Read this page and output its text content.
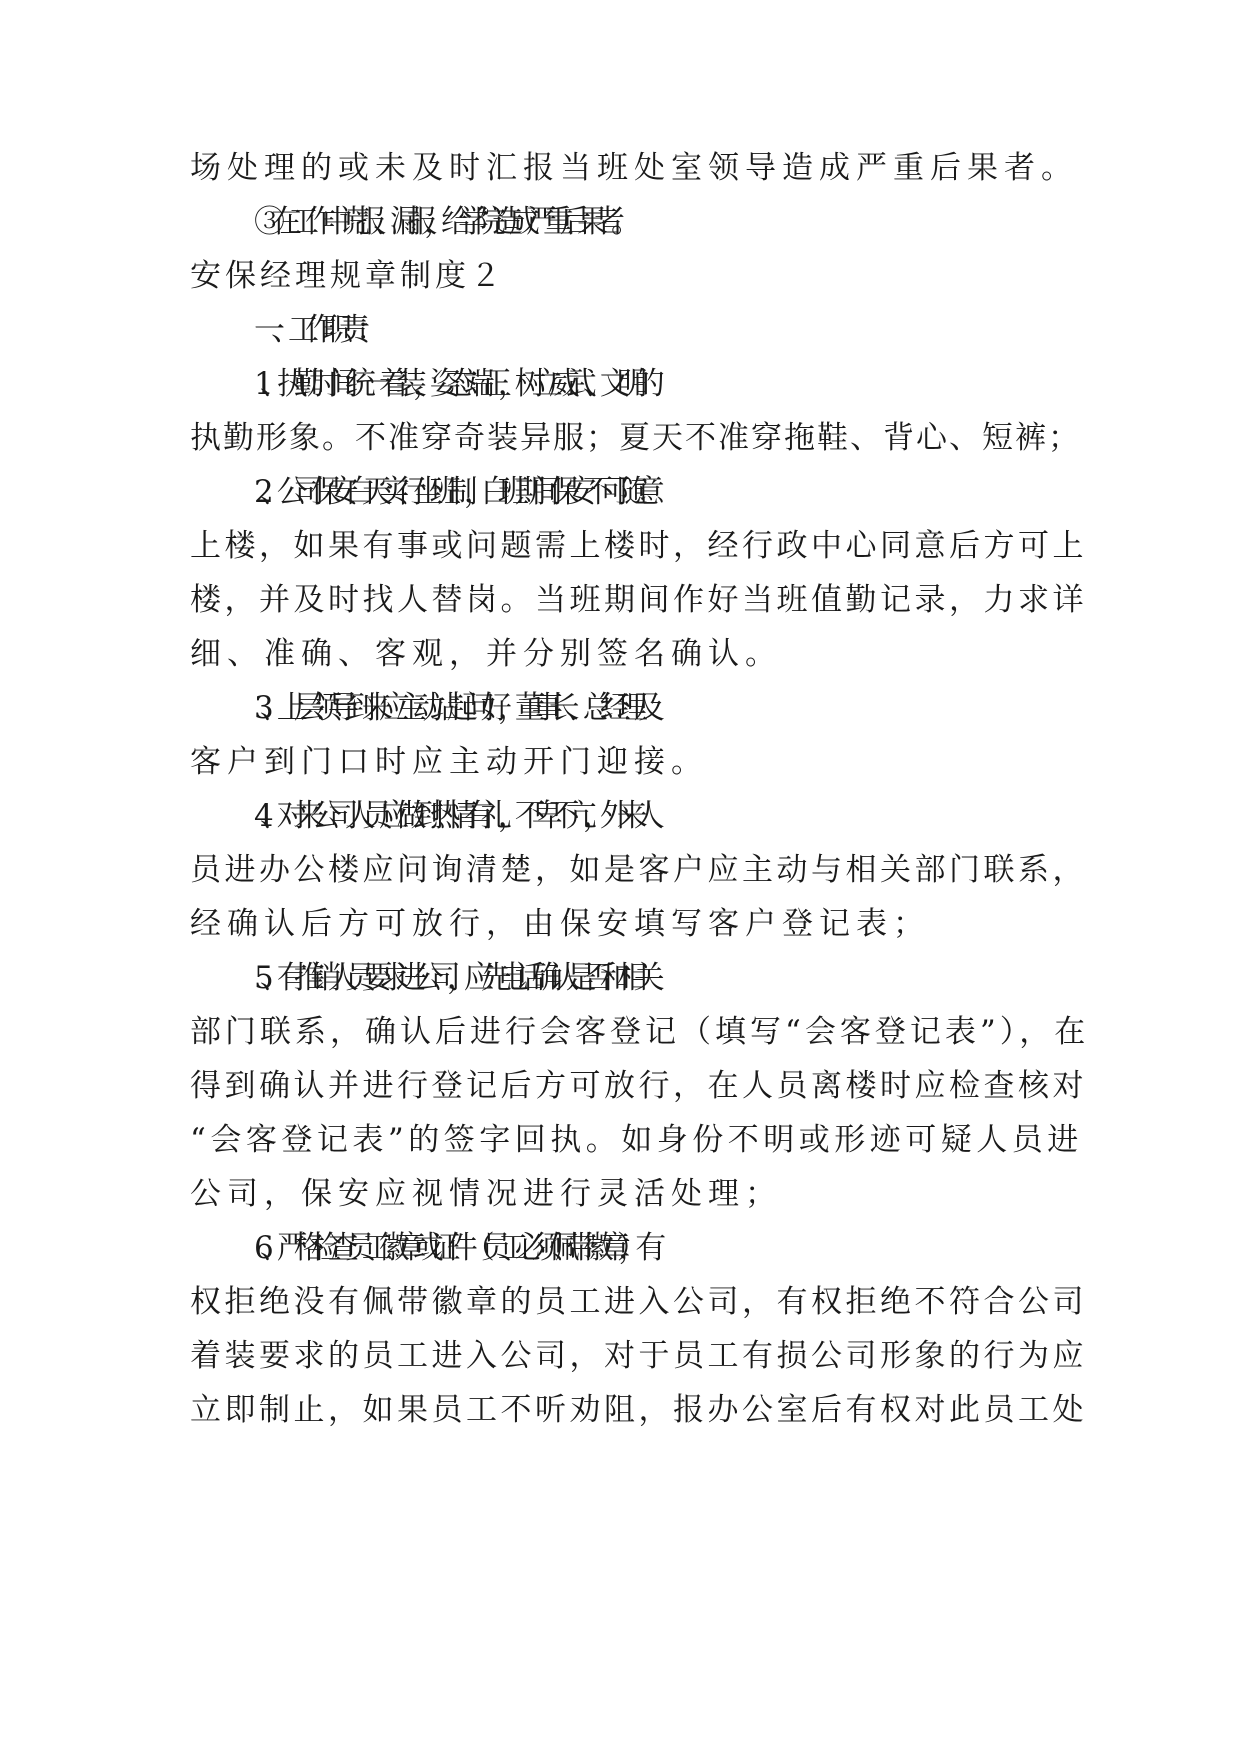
场处理的或未及时汇报当班处室领导造成严重后果者。
③在工作中谎报、漏报，给学院造成严重后果者。
安保经理规章制度２
一、工作职责：
1、执勤时间统一着装，姿态端正，树立威武、文明的
执勤形象。不准穿奇装异服；夏天不准穿拖鞋、背心、短裤；
2、公司保安白天实行坐班制，白班期间保安不可随意
上楼，如果有事或问题需上楼时，经行政中心同意后方可上
楼，并及时找人替岗。当班期间作好当班值勤记录，力求详
细、准确、客观，并分别签名确认。
3、上层领导到来应主动站起问好，董事长、总经理及
客户到门口时应主动开门迎接。
4、对来公司人员应做到热情有礼，不卑不亢，外来人
员进办公楼应问询清楚，如是客户应主动与相关部门联系，
经确认后方可放行，由保安填写客户登记表；
5、有推销人员要求进公司，应先电话确认是否和相关
部门联系，确认后进行会客登记（填写“会客登记表”），在
得到确认并进行登记后方可放行，在人员离楼时应检查核对
“会客登记表”的签字回执。如身份不明或形迹可疑人员进
公司，保安应视情况进行灵活处理；
6、严格检查员工徽章或证件（员工必须佩带徽章），有
权拒绝没有佩带徽章的员工进入公司，有权拒绝不符合公司
着装要求的员工进入公司，对于员工有损公司形象的行为应
立即制止，如果员工不听劝阻，报办公室后有权对此员工处
